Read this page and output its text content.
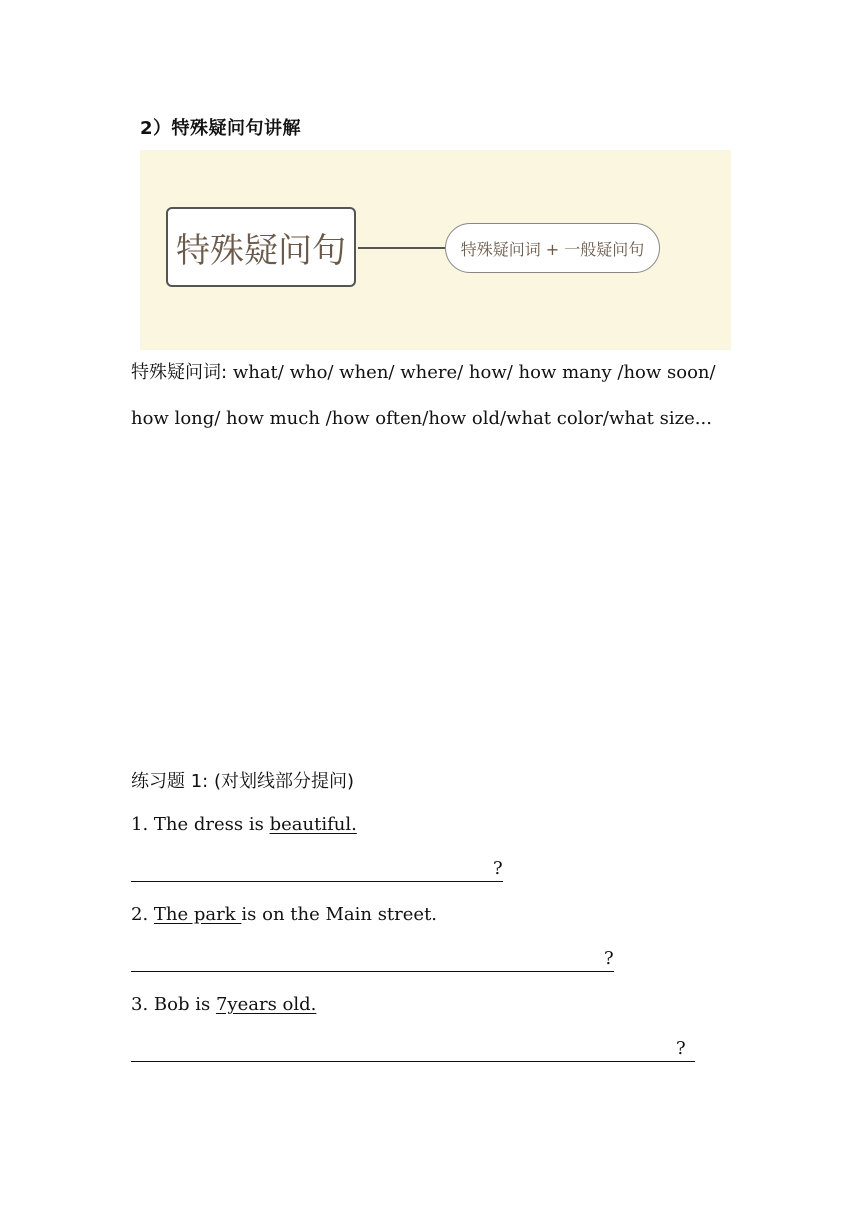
2）特殊疑问句讲解
特殊疑问句	特殊疑问词 + 一般疑问句
特殊疑问词: what/ who/ when/ where/ how/ how many /how soon/ how long/ how much /how often/how old/what color/what size...
练习题 1: (对划线部分提问)
1. The dress is beautiful.
?
2. The park is on the Main street.
?
3. Bob is 7years old.
?
